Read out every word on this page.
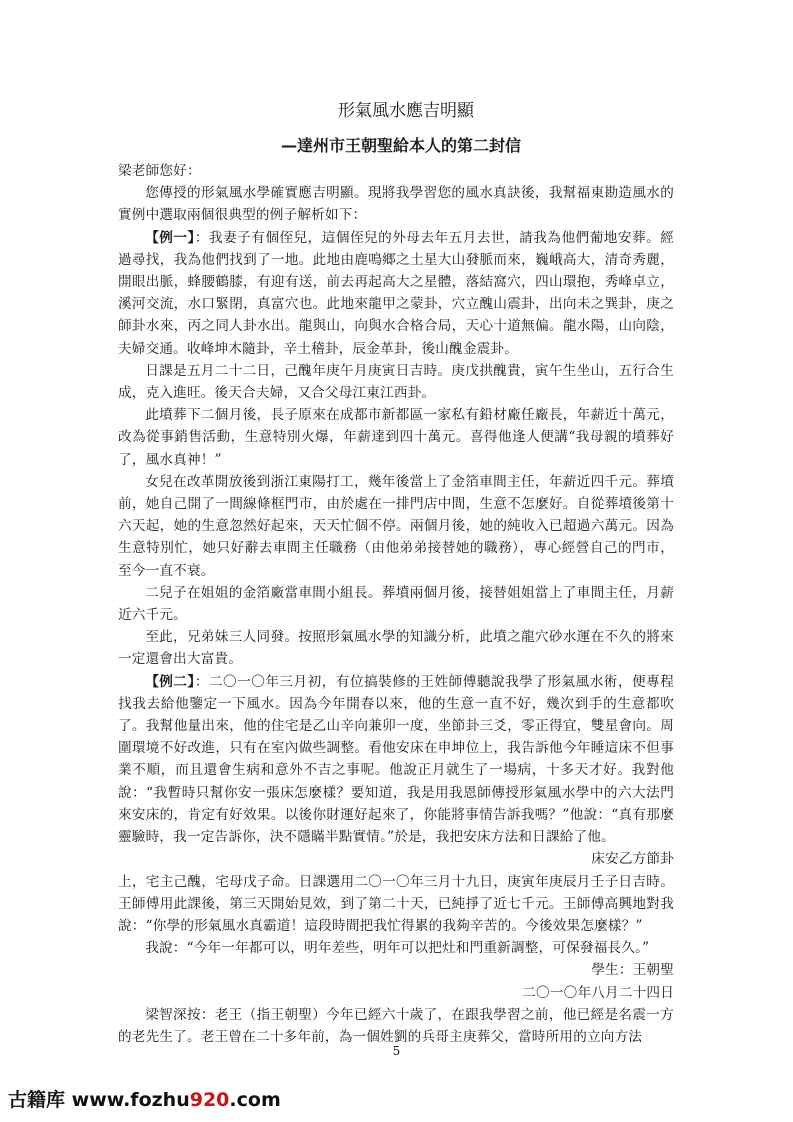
形氣風水應吉明顯
—達州市王朝聖給本人的第二封信

梁老師您好：

您傳授的形氣風水學確實應吉明顯。現將我學習您的風水真訣後，我幫福東勘造風水的實例中選取兩個很典型的例子解析如下：

【例一】：我妻子有個侄兒，這個侄兒的外母去年五月去世，請我為他們葡地安葬。經過尋找，我為他們找到了一地。此地由鹿鳴鄉之土星大山發脈而來，巍峨高大，清奇秀麗，開眼出脈，蜂腰鶴膝，有迎有送，前去再起高大之星體，落結窩穴，四山環抱，秀峰卓立，溪河交流，水口緊閉，真富穴也。此地來龍甲之蒙卦，穴立醜山震卦，出向未之巽卦，庚之師卦水來，丙之同人卦水出。龍與山，向與水合格合局，天心十道無偏。龍水陽，山向陰，夫婦交通。收峰坤木隨卦，辛土稽卦，辰金革卦，後山醜金震卦。

日課是五月二十二日，己醜年庚午月庚寅日吉時。庚戊拱醜貴，寅午生坐山，五行合生成，克入進旺。後天合夫婦，又合父母江東江西卦。

此墳葬下二個月後，長子原來在成都市新都區一家私有鉛材廠任廠長，年薪近十萬元，改為從事銷售活動，生意特別火爆，年薪達到四十萬元。喜得他逢人便講“我母親的墳葬好了，風水真神！”

女兒在改革開放後到浙江東陽打工，幾年後當上了金箔車間主任，年薪近四千元。葬墳前，她自己開了一間線條框門市，由於處在一排門店中間，生意不怎麼好。自從葬墳後第十六天起，她的生意忽然好起來，天天忙個不停。兩個月後，她的純收入已超過六萬元。因為生意特別忙，她只好辭去車間主任職務（由他弟弟接替她的職務），專心經營自己的門市，至今一直不衰。

二兒子在姐姐的金箔廠當車間小組長。葬墳兩個月後，接替姐姐當上了車間主任，月薪近六千元。

至此，兄弟妹三人同發。按照形氣風水學的知識分析，此墳之龍穴砂水運在不久的將來一定還會出大富貴。

【例二】：二〇一〇年三月初，有位搞裝修的王姓師傅聽說我學了形氣風水術，便專程找我去給他鑒定一下風水。因為今年開春以來，他的生意一直不好，幾次到手的生意都吹了。我幫他量出來，他的住宅是乙山辛向兼卯一度，坐節卦三爻，零正得宜，雙星會向。周圍環境不好改進，只有在室內做些調整。看他安床在申坤位上，我告訴他今年睡這床不但事業不順，而且還會生病和意外不吉之事呢。他說正月就生了一場病，十多天才好。我對他說：“我暫時只幫你安一張床怎麼樣？要知道，我是用我恩師傳授形氣風水學中的六大法門來安床的，肯定有好效果。以後你財運好起來了，你能將事情告訴我嗎？”他說：“真有那麼靈驗時，我一定告訴你，決不隱瞞半點實情。”於是，我把安床方法和日課給了他。

床安乙方節卦

上，宅主己醜，宅母戊子命。日課選用二〇一〇年三月十九日，庚寅年庚辰月壬子日吉時。王師傅用此課後，第三天開始見效，到了第二十天，已純掙了近七千元。王師傅高興地對我說：“你學的形氣風水真霸道！這段時間把我忙得累的我夠辛苦的。今後效果怎麼樣？”

我說：“今年一年都可以，明年差些，明年可以把灶和門重新調整，可保發福長久。”

學生：王朝聖

二〇一〇年八月二十四日

梁智深按：老王（指王朝聖）今年已經六十歲了，在跟我學習之前，他已經是名震一方的老先生了。老王曾在二十多年前，為一個姓劉的兵哥主庚葬父，當時所用的立向方法

5
古籍库 www.fozhu920.com
